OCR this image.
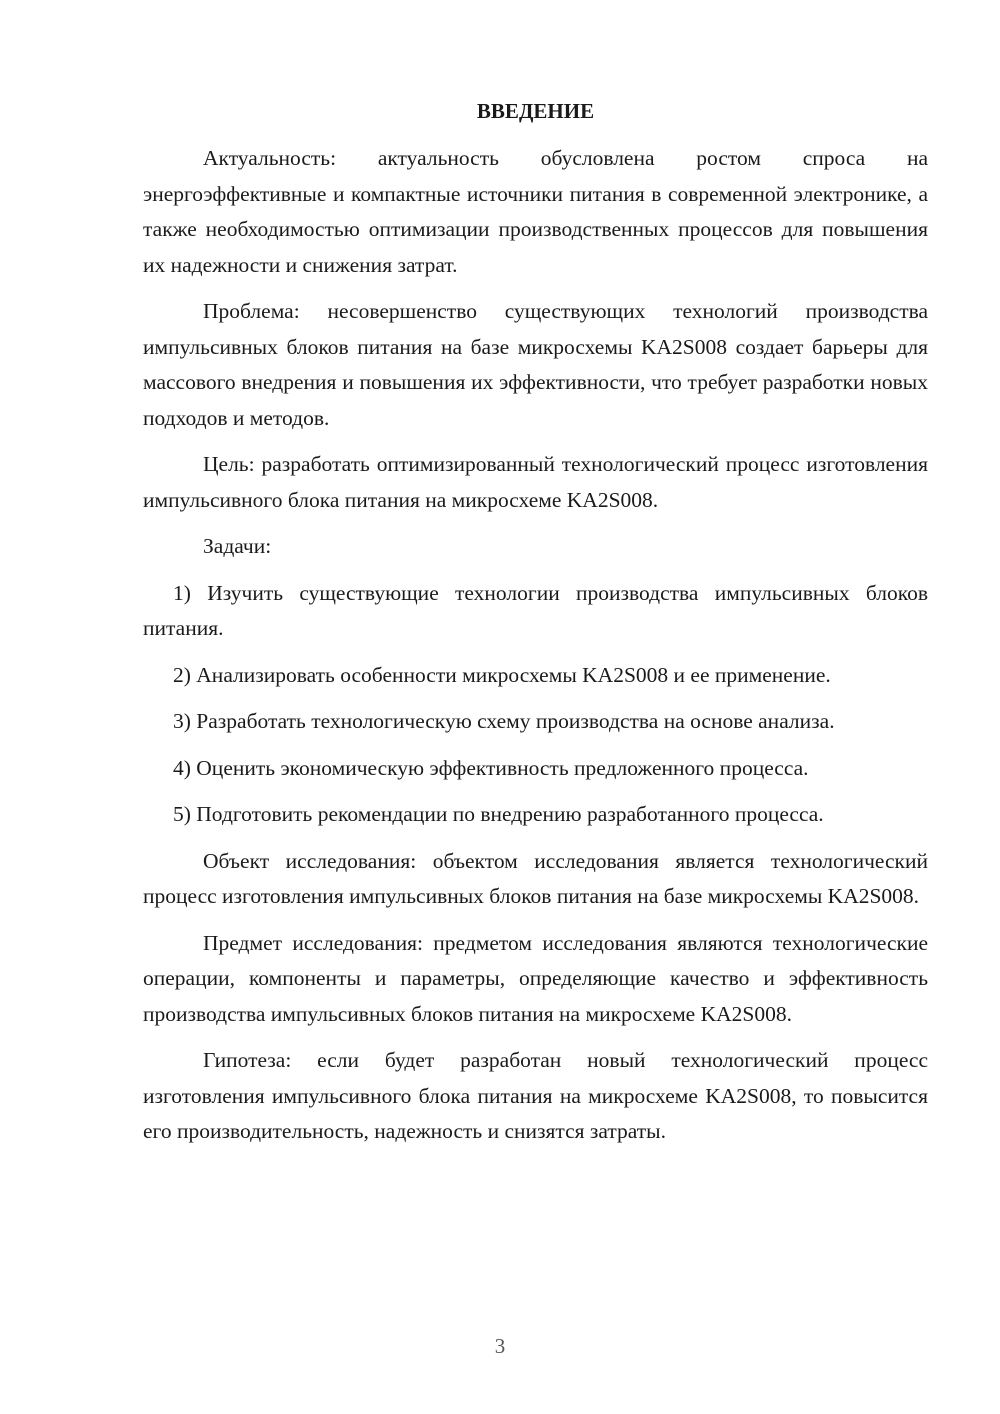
ВВЕДЕНИЕ

Актуальность: актуальность обусловлена ростом спроса на энергоэффективные и компактные источники питания в современной электронике, а также необходимостью оптимизации производственных процессов для повышения их надежности и снижения затрат.

Проблема: несовершенство существующих технологий производства импульсивных блоков питания на базе микросхемы KA2S008 создает барьеры для массового внедрения и повышения их эффективности, что требует разработки новых подходов и методов.

Цель: разработать оптимизированный технологический процесс изготовления импульсивного блока питания на микросхеме KA2S008.

Задачи:

1) Изучить существующие технологии производства импульсивных блоков питания.

2) Анализировать особенности микросхемы KA2S008 и ее применение.

3) Разработать технологическую схему производства на основе анализа.

4) Оценить экономическую эффективность предложенного процесса.

5) Подготовить рекомендации по внедрению разработанного процесса.

Объект исследования: объектом исследования является технологический процесс изготовления импульсивных блоков питания на базе микросхемы KA2S008.

Предмет исследования: предметом исследования являются технологические операции, компоненты и параметры, определяющие качество и эффективность производства импульсивных блоков питания на микросхеме KA2S008.

Гипотеза: если будет разработан новый технологический процесс изготовления импульсивного блока питания на микросхеме KA2S008, то повысится его производительность, надежность и снизятся затраты.

3
